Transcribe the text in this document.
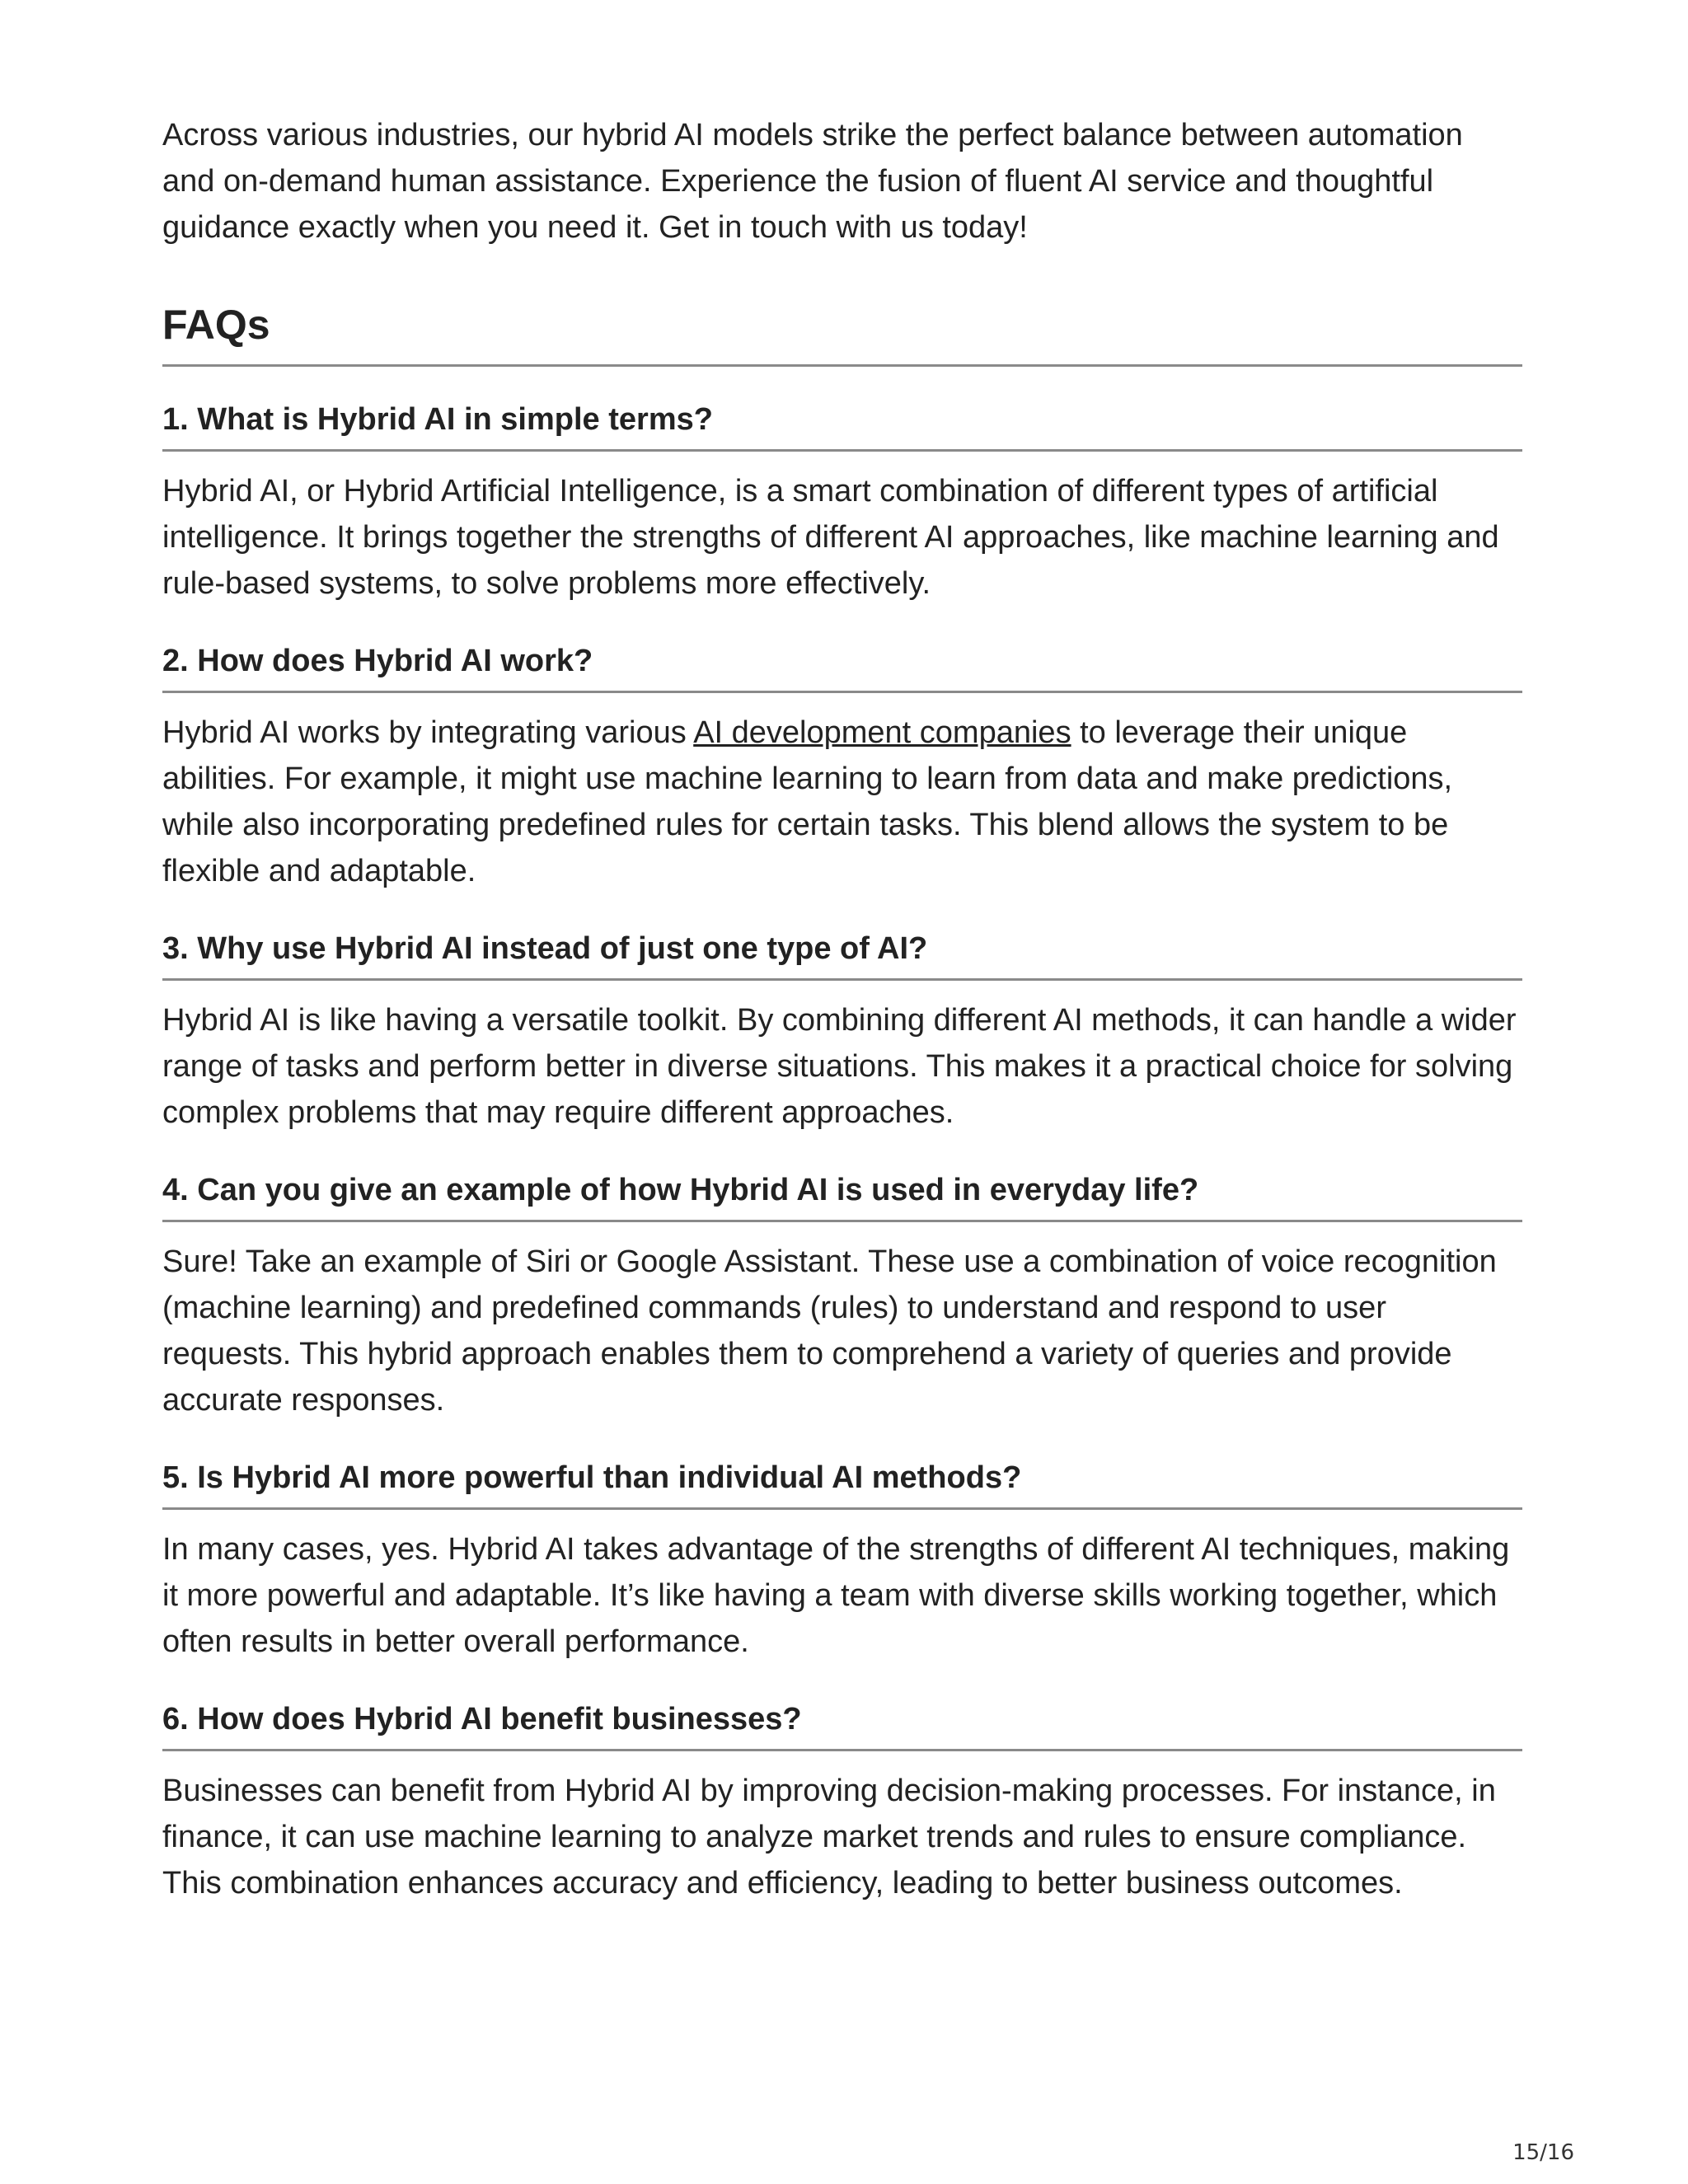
Across various industries, our hybrid AI models strike the perfect balance between automation and on-demand human assistance. Experience the fusion of fluent AI service and thoughtful guidance exactly when you need it. Get in touch with us today!

FAQs
1. What is Hybrid AI in simple terms?

Hybrid AI, or Hybrid Artificial Intelligence, is a smart combination of different types of artificial intelligence. It brings together the strengths of different AI approaches, like machine learning and rule-based systems, to solve problems more effectively.

2. How does Hybrid AI work?

Hybrid AI works by integrating various AI development companies to leverage their unique abilities. For example, it might use machine learning to learn from data and make predictions, while also incorporating predefined rules for certain tasks. This blend allows the system to be flexible and adaptable.

3. Why use Hybrid AI instead of just one type of AI?

Hybrid AI is like having a versatile toolkit. By combining different AI methods, it can handle a wider range of tasks and perform better in diverse situations. This makes it a practical choice for solving complex problems that may require different approaches.

4. Can you give an example of how Hybrid AI is used in everyday life?

Sure! Take an example of Siri or Google Assistant. These use a combination of voice recognition (machine learning) and predefined commands (rules) to understand and respond to user requests. This hybrid approach enables them to comprehend a variety of queries and provide accurate responses.

5. Is Hybrid AI more powerful than individual AI methods?

In many cases, yes. Hybrid AI takes advantage of the strengths of different AI techniques, making it more powerful and adaptable. It’s like having a team with diverse skills working together, which often results in better overall performance.

6. How does Hybrid AI benefit businesses?

Businesses can benefit from Hybrid AI by improving decision-making processes. For instance, in finance, it can use machine learning to analyze market trends and rules to ensure compliance. This combination enhances accuracy and efficiency, leading to better business outcomes.

15/16
